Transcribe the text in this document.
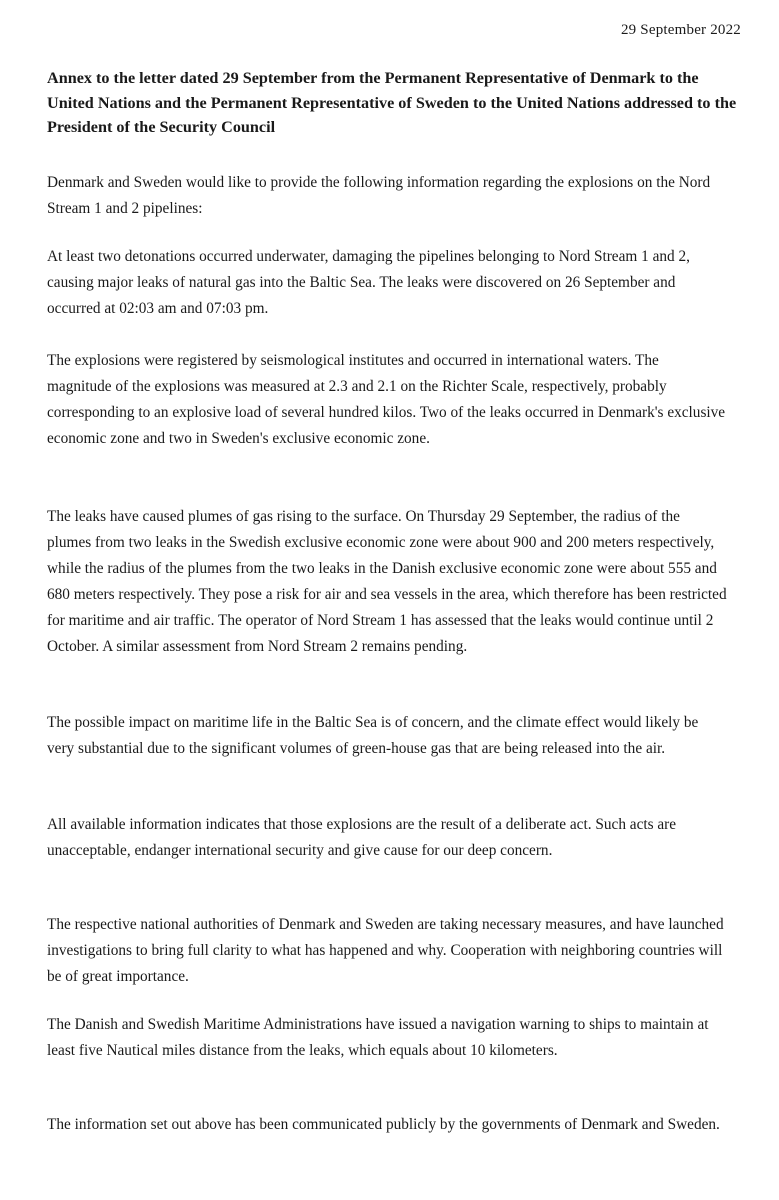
29 September 2022
Annex to the letter dated 29 September from the Permanent Representative of Denmark to the United Nations and the Permanent Representative of Sweden to the United Nations addressed to the President of the Security Council

Denmark and Sweden would like to provide the following information regarding the explosions on the Nord Stream 1 and 2 pipelines:

At least two detonations occurred underwater, damaging the pipelines belonging to Nord Stream 1 and 2, causing major leaks of natural gas into the Baltic Sea. The leaks were discovered on 26 September and occurred at 02:03 am and 07:03 pm.

The explosions were registered by seismological institutes and occurred in international waters. The magnitude of the explosions was measured at 2.3 and 2.1 on the Richter Scale, respectively, probably corresponding to an explosive load of several hundred kilos. Two of the leaks occurred in Denmark's exclusive economic zone and two in Sweden's exclusive economic zone.

The leaks have caused plumes of gas rising to the surface. On Thursday 29 September, the radius of the plumes from two leaks in the Swedish exclusive economic zone were about 900 and 200 meters respectively, while the radius of the plumes from the two leaks in the Danish exclusive economic zone were about 555 and 680 meters respectively. They pose a risk for air and sea vessels in the area, which therefore has been restricted for maritime and air traffic. The operator of Nord Stream 1 has assessed that the leaks would continue until 2 October. A similar assessment from Nord Stream 2 remains pending.

The possible impact on maritime life in the Baltic Sea is of concern, and the climate effect would likely be very substantial due to the significant volumes of green-house gas that are being released into the air.

All available information indicates that those explosions are the result of a deliberate act. Such acts are unacceptable, endanger international security and give cause for our deep concern.

The respective national authorities of Denmark and Sweden are taking necessary measures, and have launched investigations to bring full clarity to what has happened and why. Cooperation with neighboring countries will be of great importance.

The Danish and Swedish Maritime Administrations have issued a navigation warning to ships to maintain at least five Nautical miles distance from the leaks, which equals about 10 kilometers.

The information set out above has been communicated publicly by the governments of Denmark and Sweden.
